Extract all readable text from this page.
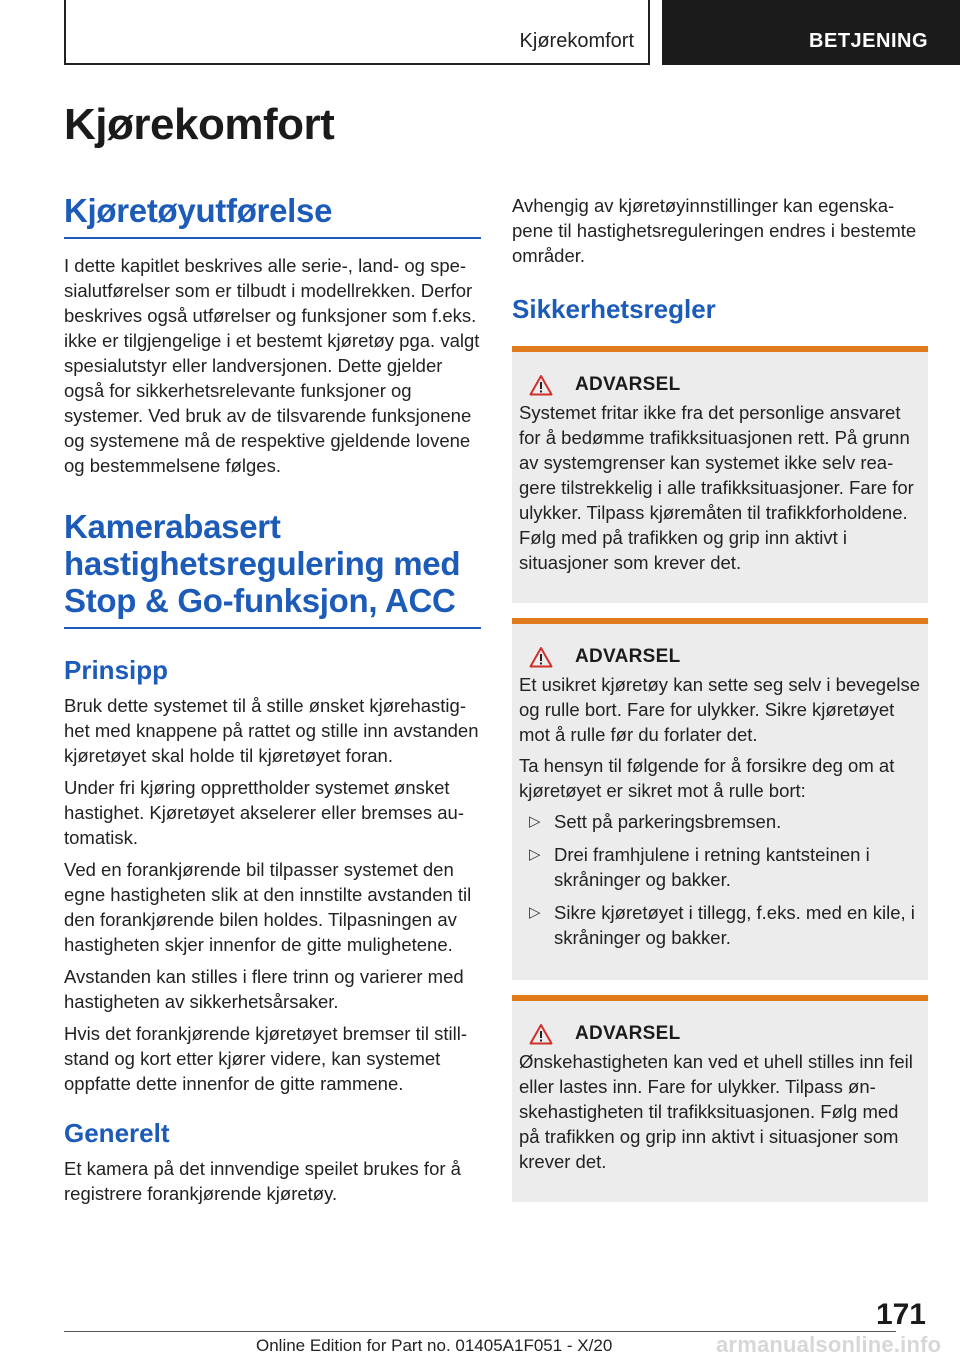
Kjørekomfort	BETJENING
Kjørekomfort
Kjøretøyutførelse

I dette kapitlet beskrives alle serie-, land- og spesialutførelser som er tilbudt i modellrekken. Derfor beskrives også utførelser og funksjoner som f.eks. ikke er tilgjengelige i et bestemt kjøretøy pga. valgt spesialutstyr eller landversjonen. Dette gjelder også for sikkerhetsrelevante funksjoner og systemer. Ved bruk av de tilsvarende funksjonene og systemene må de respektive gjeldende lovene og bestemmelsene følges.

Kamerabasert hastighetsregulering med Stop & Go-funksjon, ACC
Prinsipp

Bruk dette systemet til å stille ønsket kjørehastighet med knappene på rattet og stille inn avstanden kjøretøyet skal holde til kjøretøyet foran.

Under fri kjøring opprettholder systemet ønsket hastighet. Kjøretøyet akselerer eller bremses automatisk.

Ved en forankjørende bil tilpasser systemet den egne hastigheten slik at den innstilte avstanden til den forankjørende bilen holdes. Tilpasningen av hastigheten skjer innenfor de gitte mulighetene.

Avstanden kan stilles i flere trinn og varierer med hastigheten av sikkerhetsårsaker.

Hvis det forankjørende kjøretøyet bremser til stillstand og kort etter kjører videre, kan systemet oppfatte dette innenfor de gitte rammene.

Generelt

Et kamera på det innvendige speilet brukes for å registrere forankjørende kjøretøy.

Avhengig av kjøretøyinnstillinger kan egenskapene til hastighetsreguleringen endres i bestemte områder.

Sikkerhetsregler
ADVARSEL

Systemet fritar ikke fra det personlige ansvaret for å bedømme trafikksituasjonen rett. På grunn av systemgrenser kan systemet ikke selv reagere tilstrekkelig i alle trafikksituasjoner. Fare for ulykker. Tilpass kjøremåten til trafikkforholdene. Følg med på trafikken og grip inn aktivt i situasjoner som krever det.

ADVARSEL

Et usikret kjøretøy kan sette seg selv i bevegelse og rulle bort. Fare for ulykker. Sikre kjøretøyet mot å rulle før du forlater det.

Ta hensyn til følgende for å forsikre deg om at kjøretøyet er sikret mot å rulle bort:

▷ Sett på parkeringsbremsen.
▷ Drei framhjulene i retning kantsteinen i skråninger og bakker.
▷ Sikre kjøretøyet i tillegg, f.eks. med en kile, i skråninger og bakker.
ADVARSEL

Ønskehastigheten kan ved et uhell stilles inn feil eller lastes inn. Fare for ulykker. Tilpass ønskehastigheten til trafikksituasjonen. Følg med på trafikken og grip inn aktivt i situasjoner som krever det.

171
Online Edition for Part no. 01405A1F051 - X/20	armanualsonline.info
